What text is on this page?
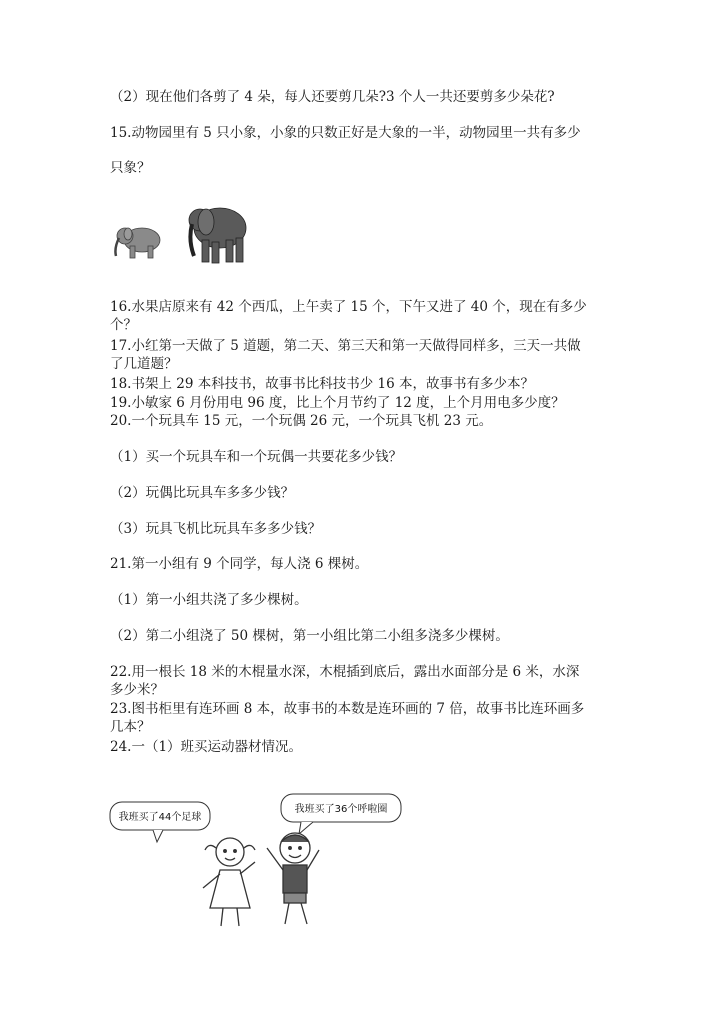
（2）现在他们各剪了 4 朵，每人还要剪几朵?3 个人一共还要剪多少朵花?
15.动物园里有 5 只小象，小象的只数正好是大象的一半，动物园里一共有多少
只象？
16.水果店原来有 42 个西瓜，上午卖了 15 个，下午又进了 40 个，现在有多少
个？
17.小红第一天做了 5 道题，第二天、第三天和第一天做得同样多，三天一共做
了几道题？
18.书架上 29 本科技书，故事书比科技书少 16 本，故事书有多少本？
19.小敏家 6 月份用电 96 度，比上个月节约了 12 度，上个月用电多少度？
20.一个玩具车 15 元，一个玩偶 26 元，一个玩具飞机 23 元。
（1）买一个玩具车和一个玩偶一共要花多少钱？
（2）玩偶比玩具车多多少钱？
（3）玩具飞机比玩具车多多少钱？
21.第一小组有 9 个同学，每人浇 6 棵树。
（1）第一小组共浇了多少棵树。
（2）第二小组浇了 50 棵树，第一小组比第二小组多浇多少棵树。
22.用一根长 18 米的木棍量水深，木棍插到底后，露出水面部分是 6 米，水深
多少米？
23.图书柜里有连环画 8 本，故事书的本数是连环画的 7 倍，故事书比连环画多
几本？
24.一（1）班买运动器材情况。
我班买了44个足球
我班买了36个呼啦圈
